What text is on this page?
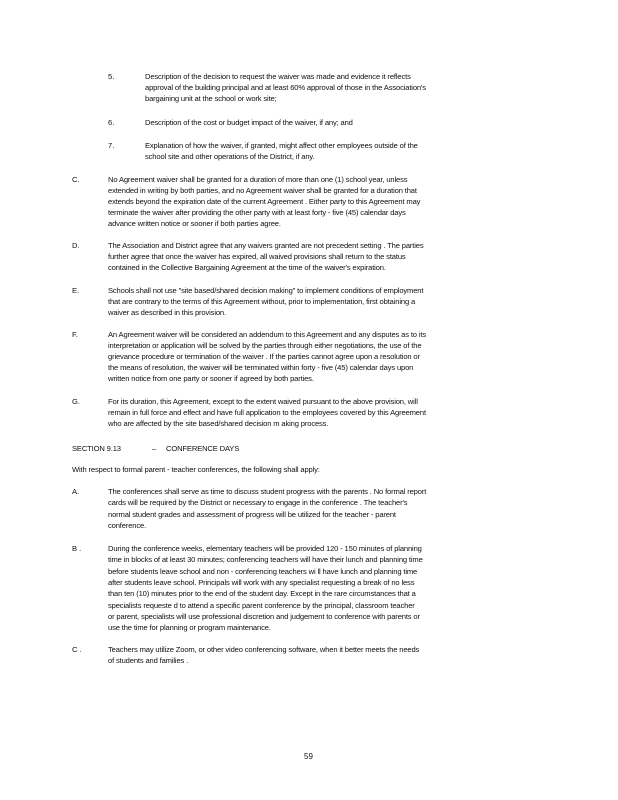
5.	Description of the decision to request the waiver was made and evidence it reflects
approval of the building principal and at least 60% approval of those in the Association's
bargaining unit at the school or work site;
6.	Description of the cost or budget impact of the waiver, if any; and
7.	Explanation of how the waiver, if granted, might affect other employees outside of the
school site and other operations of the District, if any.
C.	No Agreement waiver shall be granted for a duration of more than one (1) school year, unless
extended in writing by both parties, and no Agreement waiver shall be granted for a duration that
extends beyond the expiration date of the current Agreement . Either party to this Agreement may
terminate the waiver after providing the other party with at least forty - five (45) calendar days
advance written notice or sooner if both parties agree.
D.	The Association and District agree that any waivers granted are not precedent setting . The parties
further agree that once the waiver has expired, all waived provisions shall return to the status
contained in the Collective Bargaining Agreement at the time of the waiver's expiration.
E.	Schools shall not use "site based/shared decision making" to implement conditions of employment
that are contrary to the terms of this Agreement without, prior to implementation, first obtaining a
waiver as described in this provision.
F.	An Agreement waiver will be considered an addendum to this Agreement and any disputes as to its
interpretation or application will be solved by the parties through either negotiations, the use of the
grievance procedure or termination of the waiver . If the parties cannot agree upon a resolution or
the means of resolution, the waiver will be terminated within forty - five (45) calendar days upon
written notice from one party or sooner if agreed by both parties.
G.	For its duration, this Agreement, except to the extent waived pursuant to the above provision, will
remain in full force and effect and have full application to the employees covered by this Agreement
who are affected by the site based/shared decision m aking process.
SECTION 9.13	– CONFERENCE DAYS
With respect to formal parent - teacher conferences, the following shall apply:
A.	The conferences shall serve as time to discuss student progress with the parents . No formal report
cards will be required by the District or necessary to engage in the conference . The teacher's
normal student grades and assessment of progress will be utilized for the teacher - parent
conference.
B .	During the conference weeks, elementary teachers will be provided 120 - 150 minutes of planning
time in blocks of at least 30 minutes; conferencing teachers will have their lunch and planning time
before students leave school and non - conferencing teachers wi ll have lunch and planning time
after students leave school. Principals will work with any specialist requesting a break of no less
than ten (10) minutes prior to the end of the student day. Except in the rare circumstances that a
specialists requeste d to attend a specific parent conference by the principal, classroom teacher
or parent, specialists will use professional discretion and judgement to conference with parents or
use the time for planning or program maintenance.
C .	Teachers may utilize Zoom, or other video conferencing software, when it better meets the needs
of students and families .
59
